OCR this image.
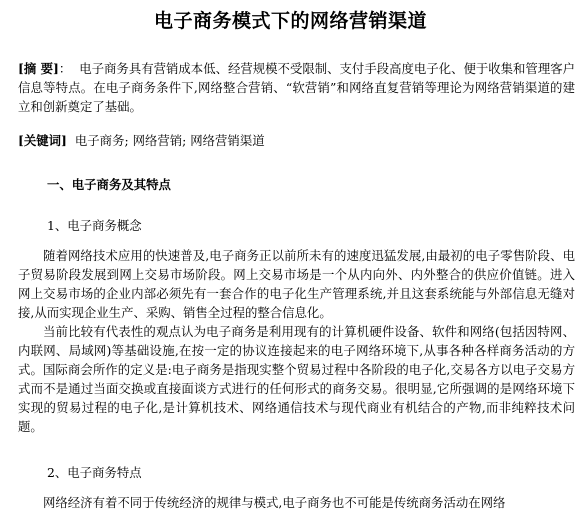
电子商务模式下的网络营销渠道
[摘 要]： 电子商务具有营销成本低、经营规模不受限制、支付手段高度电子化、便于收集和管理客户信息等特点。在电子商务条件下,网络整合营销、“软营销”和网络直复营销等理论为网络营销渠道的建立和创新奠定了基础。
[关键词] 电子商务; 网络营销; 网络营销渠道
一、电子商务及其特点
1、电子商务概念
随着网络技术应用的快速普及,电子商务正以前所未有的速度迅猛发展,由最初的电子零售阶段、电子贸易阶段发展到网上交易市场阶段。网上交易市场是一个从内向外、内外整合的供应价值链。进入网上交易市场的企业内部必须先有一套合作的电子化生产管理系统,并且这套系统能与外部信息无缝对接,从而实现企业生产、采购、销售全过程的整合信息化。
当前比较有代表性的观点认为电子商务是利用现有的计算机硬件设备、软件和网络(包括因特网、内联网、局域网)等基础设施,在按一定的协议连接起来的电子网络环境下,从事各种各样商务活动的方式。国际商会所作的定义是:电子商务是指现实整个贸易过程中各阶段的电子化,交易各方以电子交易方式而不是通过当面交换或直接面谈方式进行的任何形式的商务交易。很明显,它所强调的是网络环境下实现的贸易过程的电子化,是计算机技术、网络通信技术与现代商业有机结合的产物,而非纯粹技术问题。
2、电子商务特点
网络经济有着不同于传统经济的规律与模式,电子商务也不可能是传统商务活动在网络
